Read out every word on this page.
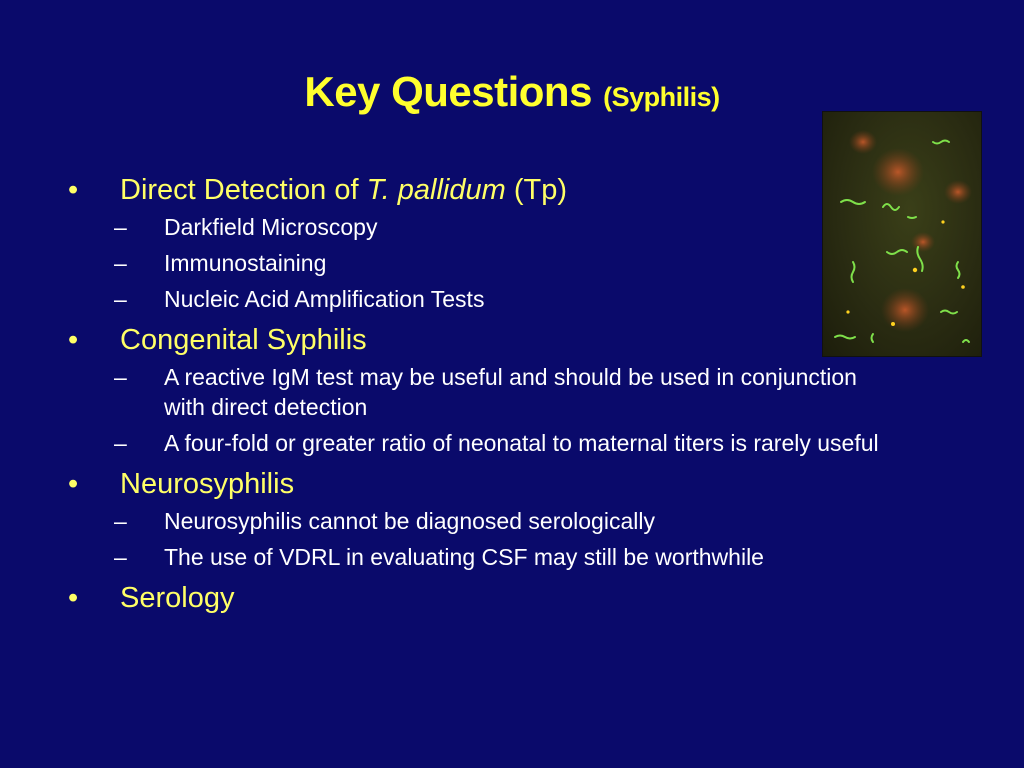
Key Questions (Syphilis)
• Direct Detection of T. pallidum (Tp)
– Darkfield Microscopy
– Immunostaining
– Nucleic Acid Amplification Tests
• Congenital Syphilis
– A reactive IgM test may be useful and should be used in conjunction with direct detection
– A four-fold or greater ratio of neonatal to maternal titers is rarely useful
• Neurosyphilis
– Neurosyphilis cannot be diagnosed serologically
– The use of VDRL in evaluating CSF may still be worthwhile
• Serology
